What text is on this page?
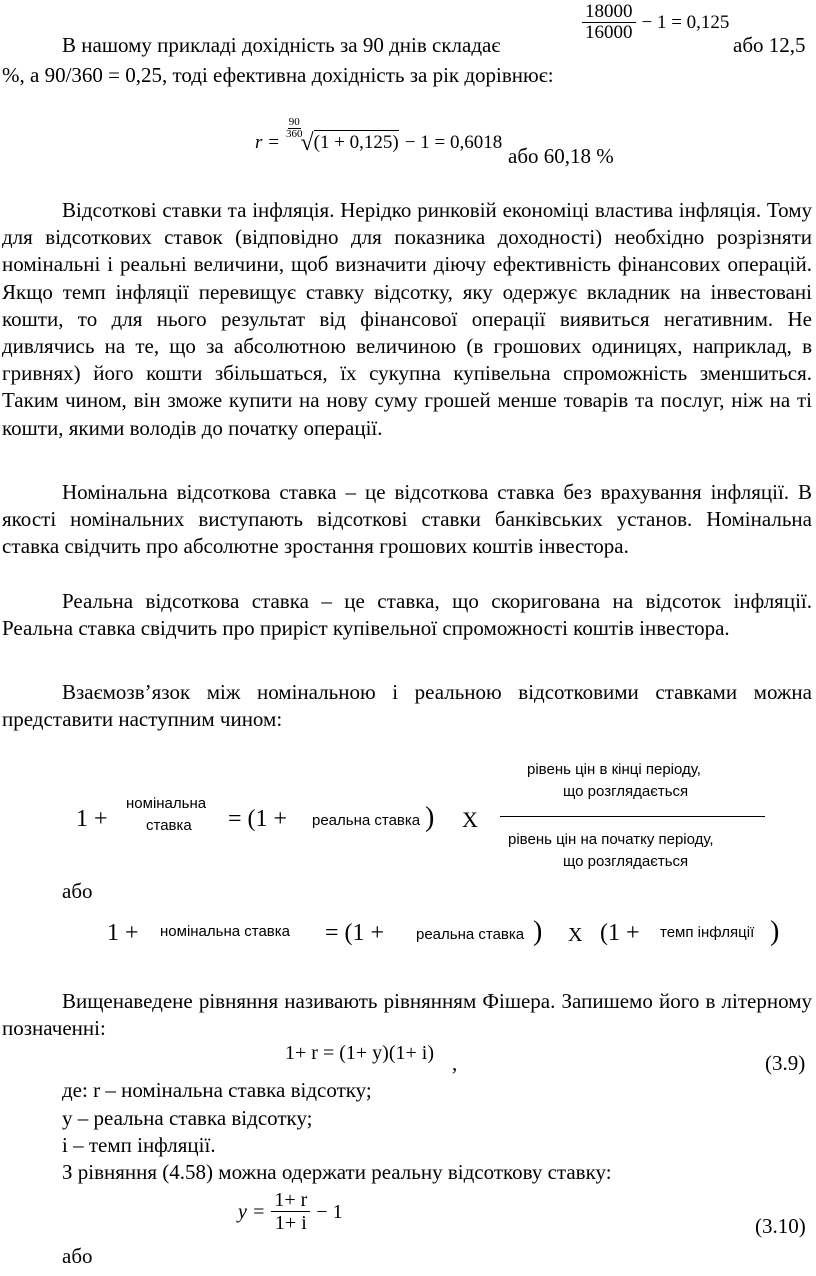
В нашому прикладі дохідність за 90 днів складає
$\frac{18000}{16000} - 1 = 0,125$
або 12,5
%, а 90/360 = 0,25, тоді ефективна дохідність за рік дорівнює:
r =
$\frac{90}{360}$
√ (1 + 0,125) − 1 = 0,6018
або 60,18 %
Відсоткові ставки та інфляція. Нерідко ринковій економіці властива інфляція. Тому для відсоткових ставок (відповідно для показника доходності) необхідно розрізняти номінальні і реальні величини, щоб визначити діючу ефективність фінансових операцій. Якщо темп інфляції перевищує ставку відсотку, яку одержує вкладник на інвестовані кошти, то для нього результат від фінансової операції виявиться негативним. Не дивлячись на те, що за абсолютною величиною (в грошових одиницях, наприклад, в гривнях) його кошти збільшаться, їх сукупна купівельна спроможність зменшиться. Таким чином, він зможе купити на нову суму грошей менше товарів та послуг, ніж на ті кошти, якими володів до початку операції.
Номінальна відсоткова ставка – це відсоткова ставка без врахування інфляції. В якості номінальних виступають відсоткові ставки банківських установ. Номінальна ставка свідчить про абсолютне зростання грошових коштів інвестора.
Реальна відсоткова ставка – це ставка, що скоригована на відсоток інфляції. Реальна ставка свідчить про приріст купівельної спроможності коштів інвестора.
Взаємозв’язок між номінальною і реальною відсотковими ставками можна представити наступним чином:
1 +
номінальна
ставка = (1 + реальна ставка ) Х
рівень цін в кінці періоду,
що розглядається
рівень цін на початку періоду,
що розглядається
або
1 + номінальна ставка = (1 + реальна ставка ) Х (1 + темп інфляції )
Вищенаведене рівняння називають рівнянням Фішера. Запишемо його в літерному позначенні:
1+ r = (1+ y)(1+ i) ,	(3.9)
де: r – номінальна ставка відсотку;
y – реальна ставка відсотку;
і – темп інфляції.
З рівняння (4.58) можна одержати реальну відсоткову ставку:
$y = \frac{1+ r}{1+ i} - 1$
(3.10)
або
